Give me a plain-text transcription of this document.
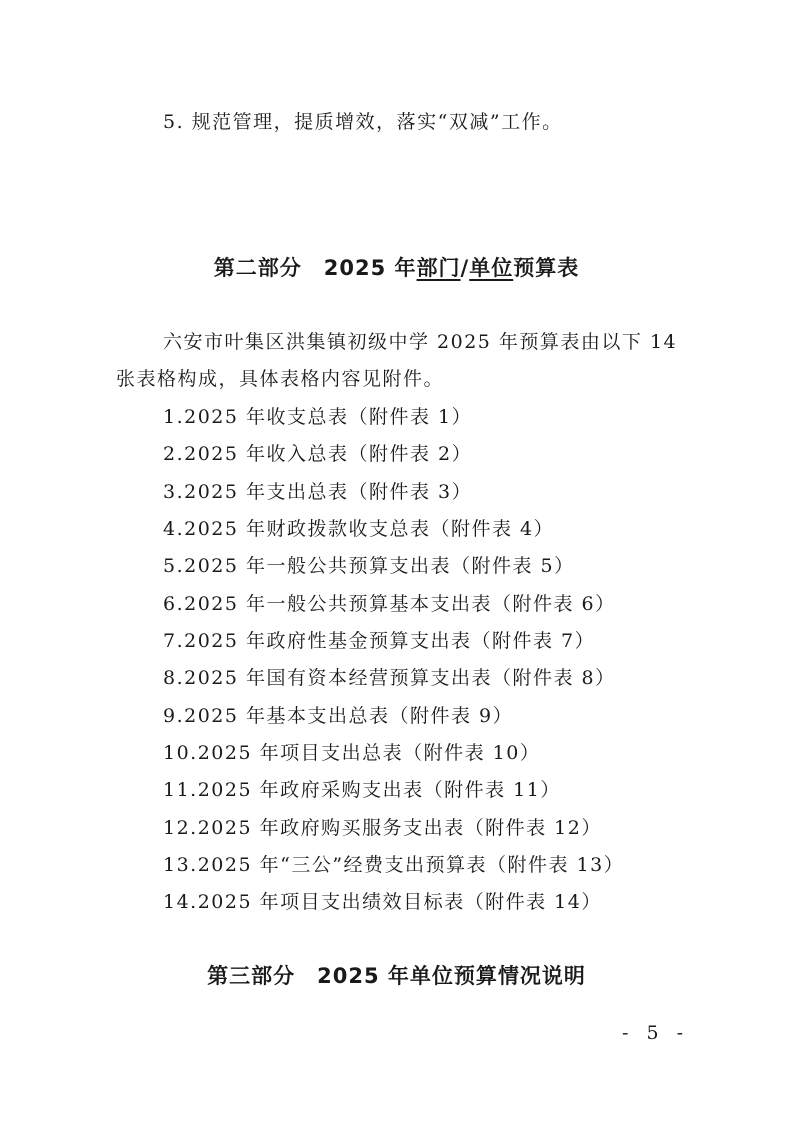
5. 规范管理，提质增效，落实“双减”工作。
第二部分 2025 年部门/单位预算表
六安市叶集区洪集镇初级中学 2025 年预算表由以下 14
张表格构成，具体表格内容见附件。
1.2025 年收支总表（附件表 1）
2.2025 年收入总表（附件表 2）
3.2025 年支出总表（附件表 3）
4.2025 年财政拨款收支总表（附件表 4）
5.2025 年一般公共预算支出表（附件表 5）
6.2025 年一般公共预算基本支出表（附件表 6）
7.2025 年政府性基金预算支出表（附件表 7）
8.2025 年国有资本经营预算支出表（附件表 8）
9.2025 年基本支出总表（附件表 9）
10.2025 年项目支出总表（附件表 10）
11.2025 年政府采购支出表（附件表 11）
12.2025 年政府购买服务支出表（附件表 12）
13.2025 年“三公”经费支出预算表（附件表 13）
14.2025 年项目支出绩效目标表（附件表 14）
第三部分 2025 年单位预算情况说明
- 5 -
